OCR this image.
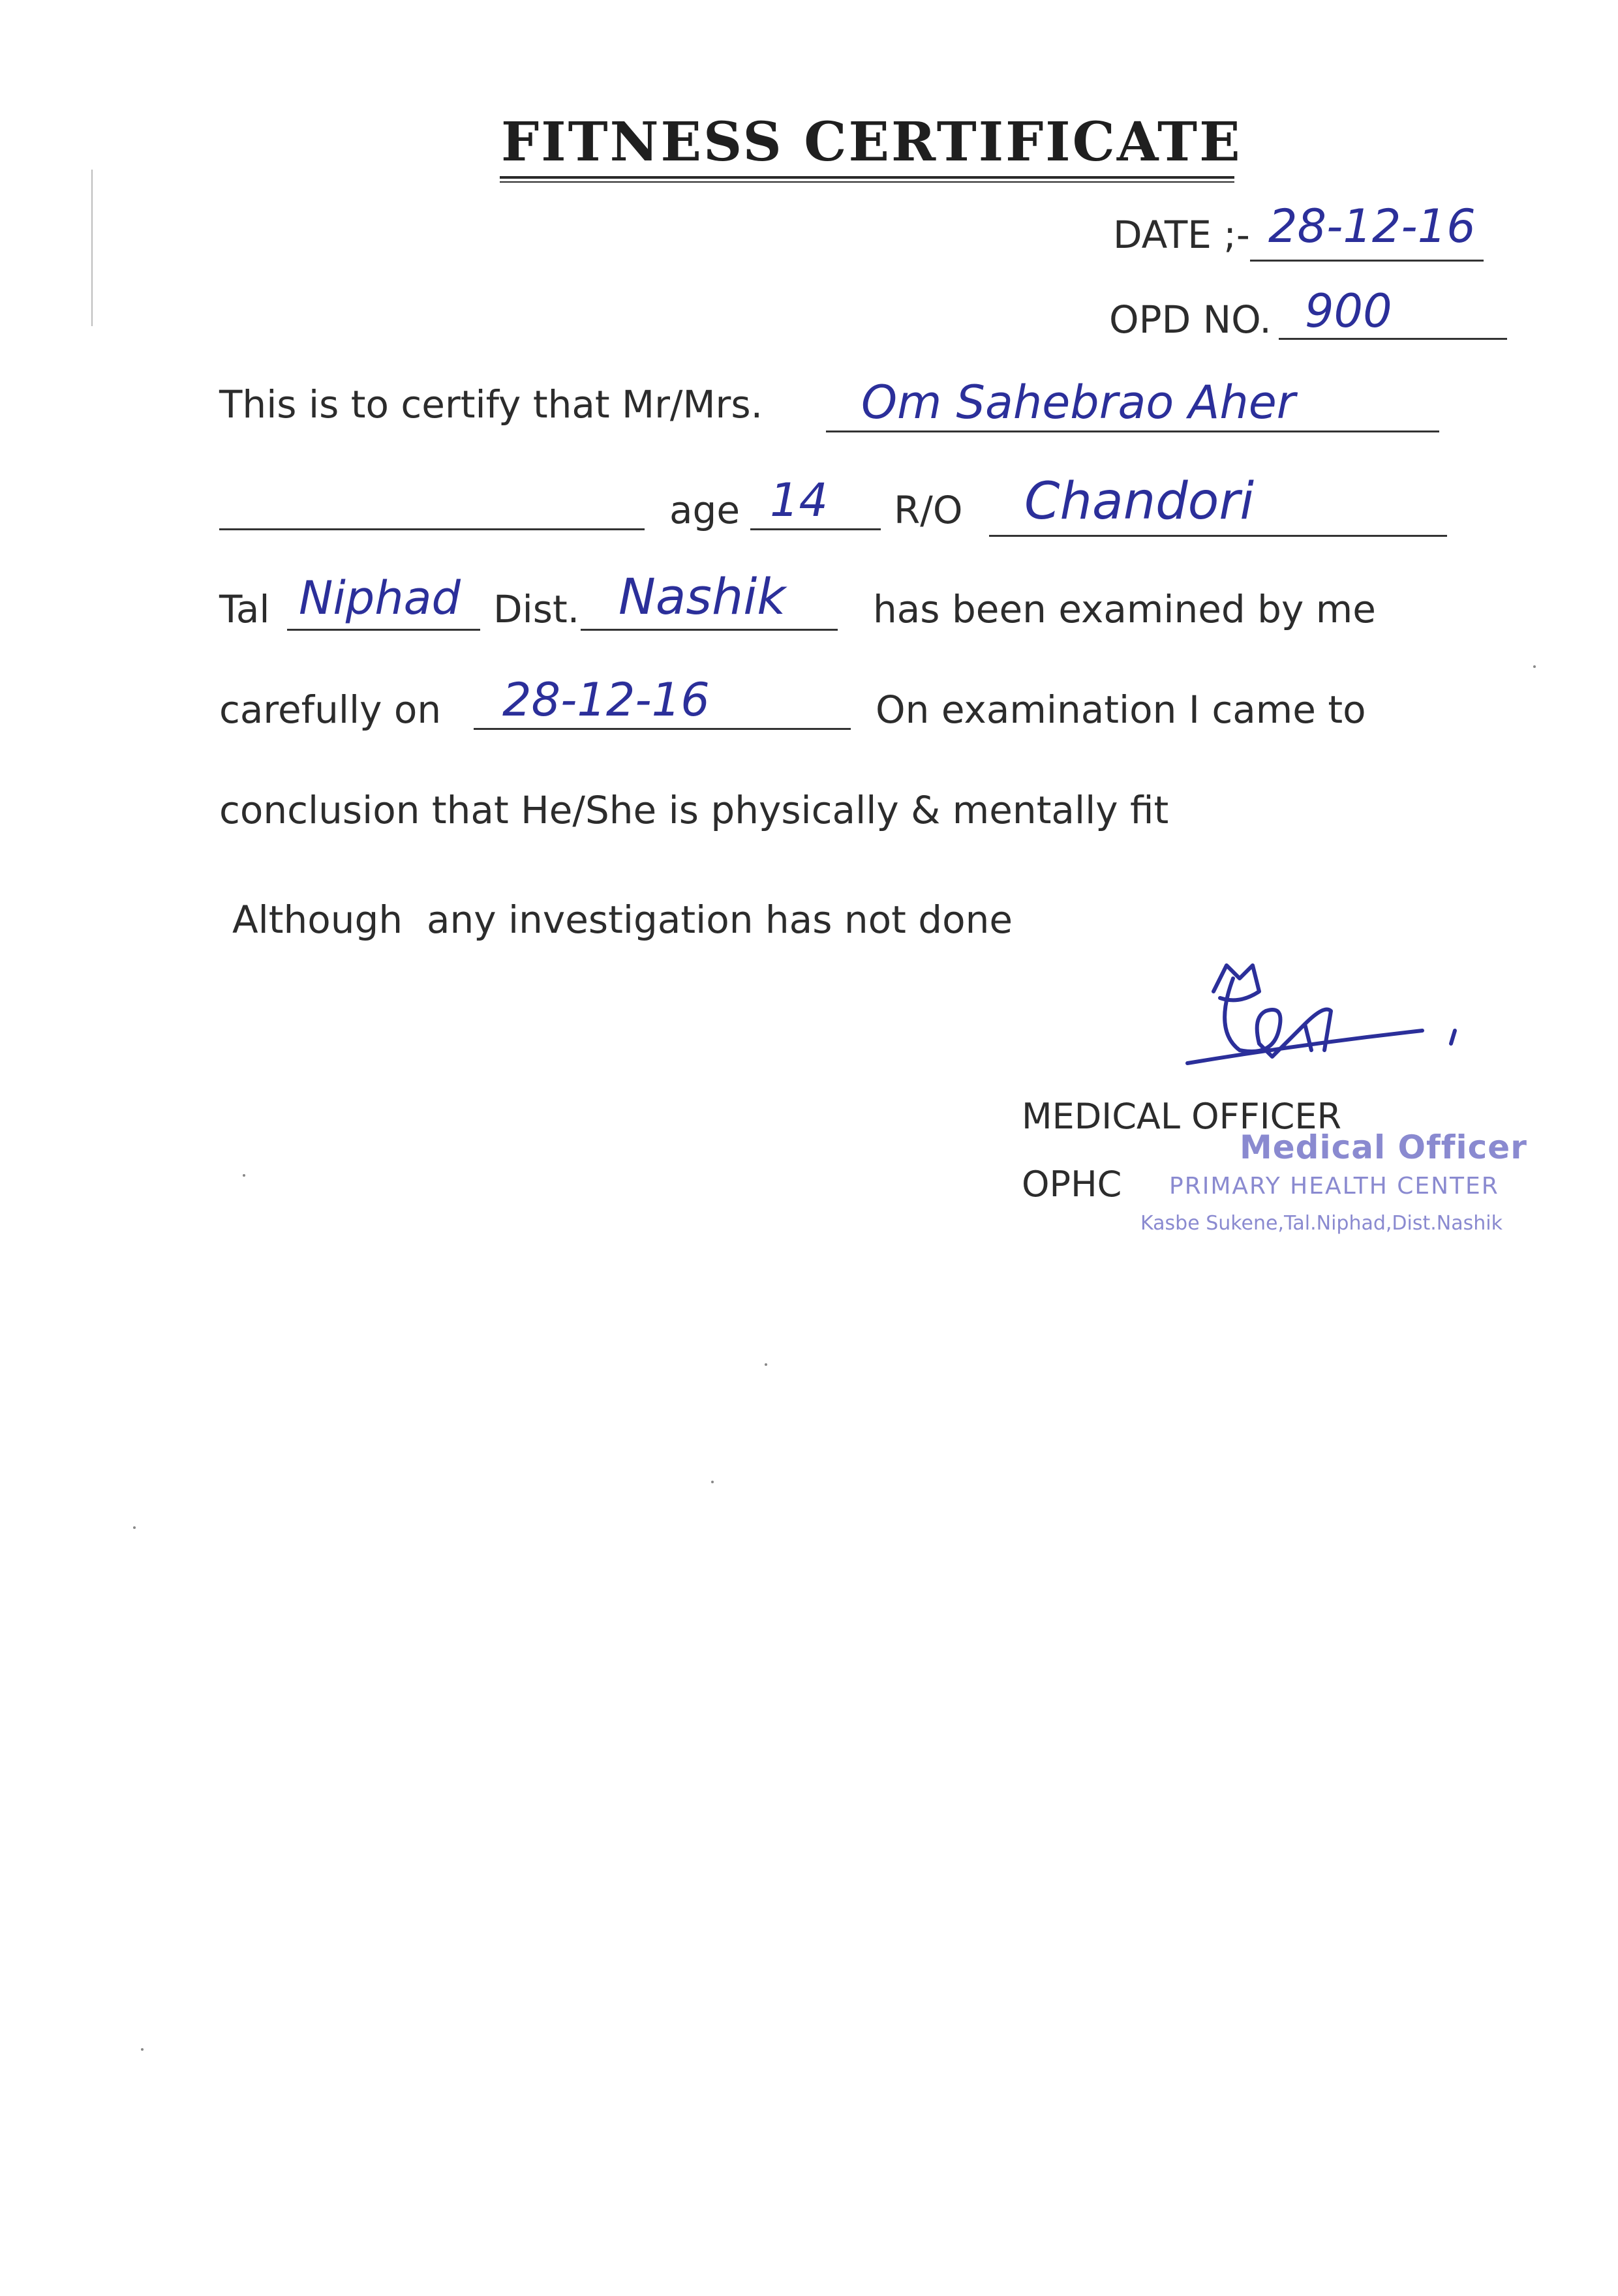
FITNESS CERTIFICATE
DATE ;- 28-12-16
OPD NO. 900
This is to certify that Mr/Mrs. Om Sahebrao Aher
age 14 R/O Chandori
Tal Niphad Dist. Nashik has been examined by me
carefully on 28-12-16	On examination I came to
conclusion that He/She is physically & mentally fit
Although  any investigation has not done
MEDICAL OFFICER
OPHC
Medical Officer
PRIMARY HEALTH CENTER
Kasbe Sukene,Tal.Niphad,Dist.Nashik
